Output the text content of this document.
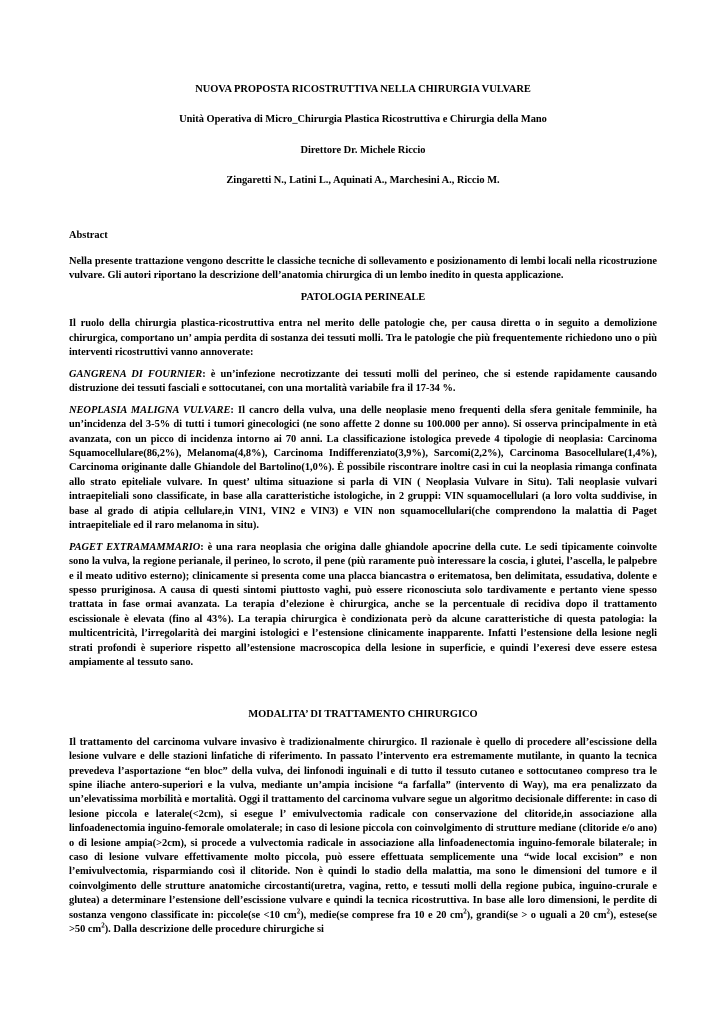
NUOVA PROPOSTA RICOSTRUTTIVA NELLA CHIRURGIA VULVARE

Unità Operativa di Micro_Chirurgia Plastica Ricostruttiva e Chirurgia della Mano

Direttore Dr. Michele Riccio

Zingaretti N., Latini L., Aquinati A., Marchesini A., Riccio M.

Abstract

Nella presente trattazione vengono descritte le classiche tecniche di sollevamento e posizionamento di lembi locali nella ricostruzione vulvare. Gli autori riportano la descrizione dell’anatomia chirurgica di un lembo inedito in questa applicazione.

PATOLOGIA PERINEALE

Il ruolo della chirurgia plastica-ricostruttiva entra nel merito delle patologie che, per causa diretta o in seguito a demolizione chirurgica, comportano un’ ampia perdita di sostanza dei tessuti molli. Tra le patologie che più frequentemente richiedono uno o più interventi ricostruttivi vanno annoverate:

GANGRENA DI FOURNIER: è un’infezione necrotizzante dei tessuti molli del perineo, che si estende rapidamente causando distruzione dei tessuti fasciali e sottocutanei, con una mortalità variabile fra il 17-34 %.

NEOPLASIA MALIGNA VULVARE: Il cancro della vulva, una delle neoplasie meno frequenti della sfera genitale femminile, ha un’incidenza del 3-5% di tutti i tumori ginecologici (ne sono affette 2 donne su 100.000 per anno). Si osserva principalmente in età avanzata, con un picco di incidenza intorno ai 70 anni. La classificazione istologica prevede 4 tipologie di neoplasia: Carcinoma Squamocellulare(86,2%), Melanoma(4,8%), Carcinoma Indifferenziato(3,9%), Sarcomi(2,2%), Carcinoma Basocellulare(1,4%), Carcinoma originante dalle Ghiandole del Bartolino(1,0%). È possibile riscontrare inoltre casi in cui la neoplasia rimanga confinata allo strato epiteliale vulvare. In quest’ ultima situazione si parla di VIN ( Neoplasia Vulvare in Situ). Tali neoplasie vulvari intraepiteliali sono classificate, in base alla caratteristiche istologiche, in 2 gruppi: VIN squamocellulari (a loro volta suddivise, in base al grado di atipia cellulare,in VIN1, VIN2 e VIN3) e VIN non squamocellulari(che comprendono la malattia di Paget intraepiteliale ed il raro melanoma in situ).

PAGET EXTRAMAMMARIO: è una rara neoplasia che origina dalle ghiandole apocrine della cute. Le sedi tipicamente coinvolte sono la vulva, la regione perianale, il perineo, lo scroto, il pene (più raramente può interessare la coscia, i glutei, l’ascella, le palpebre e il meato uditivo esterno); clinicamente si presenta come una placca biancastra o eritematosa, ben delimitata, essudativa, dolente e spesso pruriginosa. A causa di questi sintomi piuttosto vaghi, può essere riconosciuta solo tardivamente e pertanto viene spesso trattata in fase ormai avanzata. La terapia d’elezione è chirurgica, anche se la percentuale di recidiva dopo il trattamento escissionale è elevata (fino al 43%). La terapia chirurgica è condizionata però da alcune caratteristiche di questa patologia: la multicentricità, l’irregolarità dei margini istologici e l’estensione clinicamente inapparente. Infatti l’estensione della lesione negli strati profondi è superiore rispetto all’estensione macroscopica della lesione in superficie, e quindi l’exeresi deve essere estesa ampiamente al tessuto sano.

MODALITA’ DI TRATTAMENTO CHIRURGICO

Il trattamento del carcinoma vulvare invasivo è tradizionalmente chirurgico. Il razionale è quello di procedere all’escissione della lesione vulvare e delle stazioni linfatiche di riferimento. In passato l’intervento era estremamente mutilante, in quanto la tecnica prevedeva l’asportazione “en bloc” della vulva, dei linfonodi inguinali e di tutto il tessuto cutaneo e sottocutaneo compreso tra le spine iliache antero-superiori e la vulva, mediante un’ampia incisione “a farfalla” (intervento di Way), ma era penalizzato da un’elevatissima morbilità e mortalità. Oggi il trattamento del carcinoma vulvare segue un algoritmo decisionale differente: in caso di lesione piccola e laterale(<2cm), si esegue l’ emivulvectomia radicale con conservazione del clitoride,in associazione alla linfoadenectomia inguino-femorale omolaterale; in caso di lesione piccola con coinvolgimento di strutture mediane (clitoride e/o ano) o di lesione ampia(>2cm), si procede a vulvectomia radicale in associazione alla linfoadenectomia inguino-femorale bilaterale; in caso di lesione vulvare effettivamente molto piccola, può essere effettuata semplicemente una “wide local excision” e non l’emivulvectomia, risparmiando così il clitoride. Non è quindi lo stadio della malattia, ma sono le dimensioni del tumore e il coinvolgimento delle strutture anatomiche circostanti(uretra, vagina, retto, e tessuti molli della regione pubica, inguino-crurale e glutea) a determinare l’estensione dell’escissione vulvare e quindi la tecnica ricostruttiva. In base alle loro dimensioni, le perdite di sostanza vengono classificate in: piccole(se <10 $cm^2$), medie(se comprese fra 10 e 20 $cm^2$), grandi(se > o uguali a 20 $cm^2$), estese(se >50 $cm^2$). Dalla descrizione delle procedure chirurgiche si
